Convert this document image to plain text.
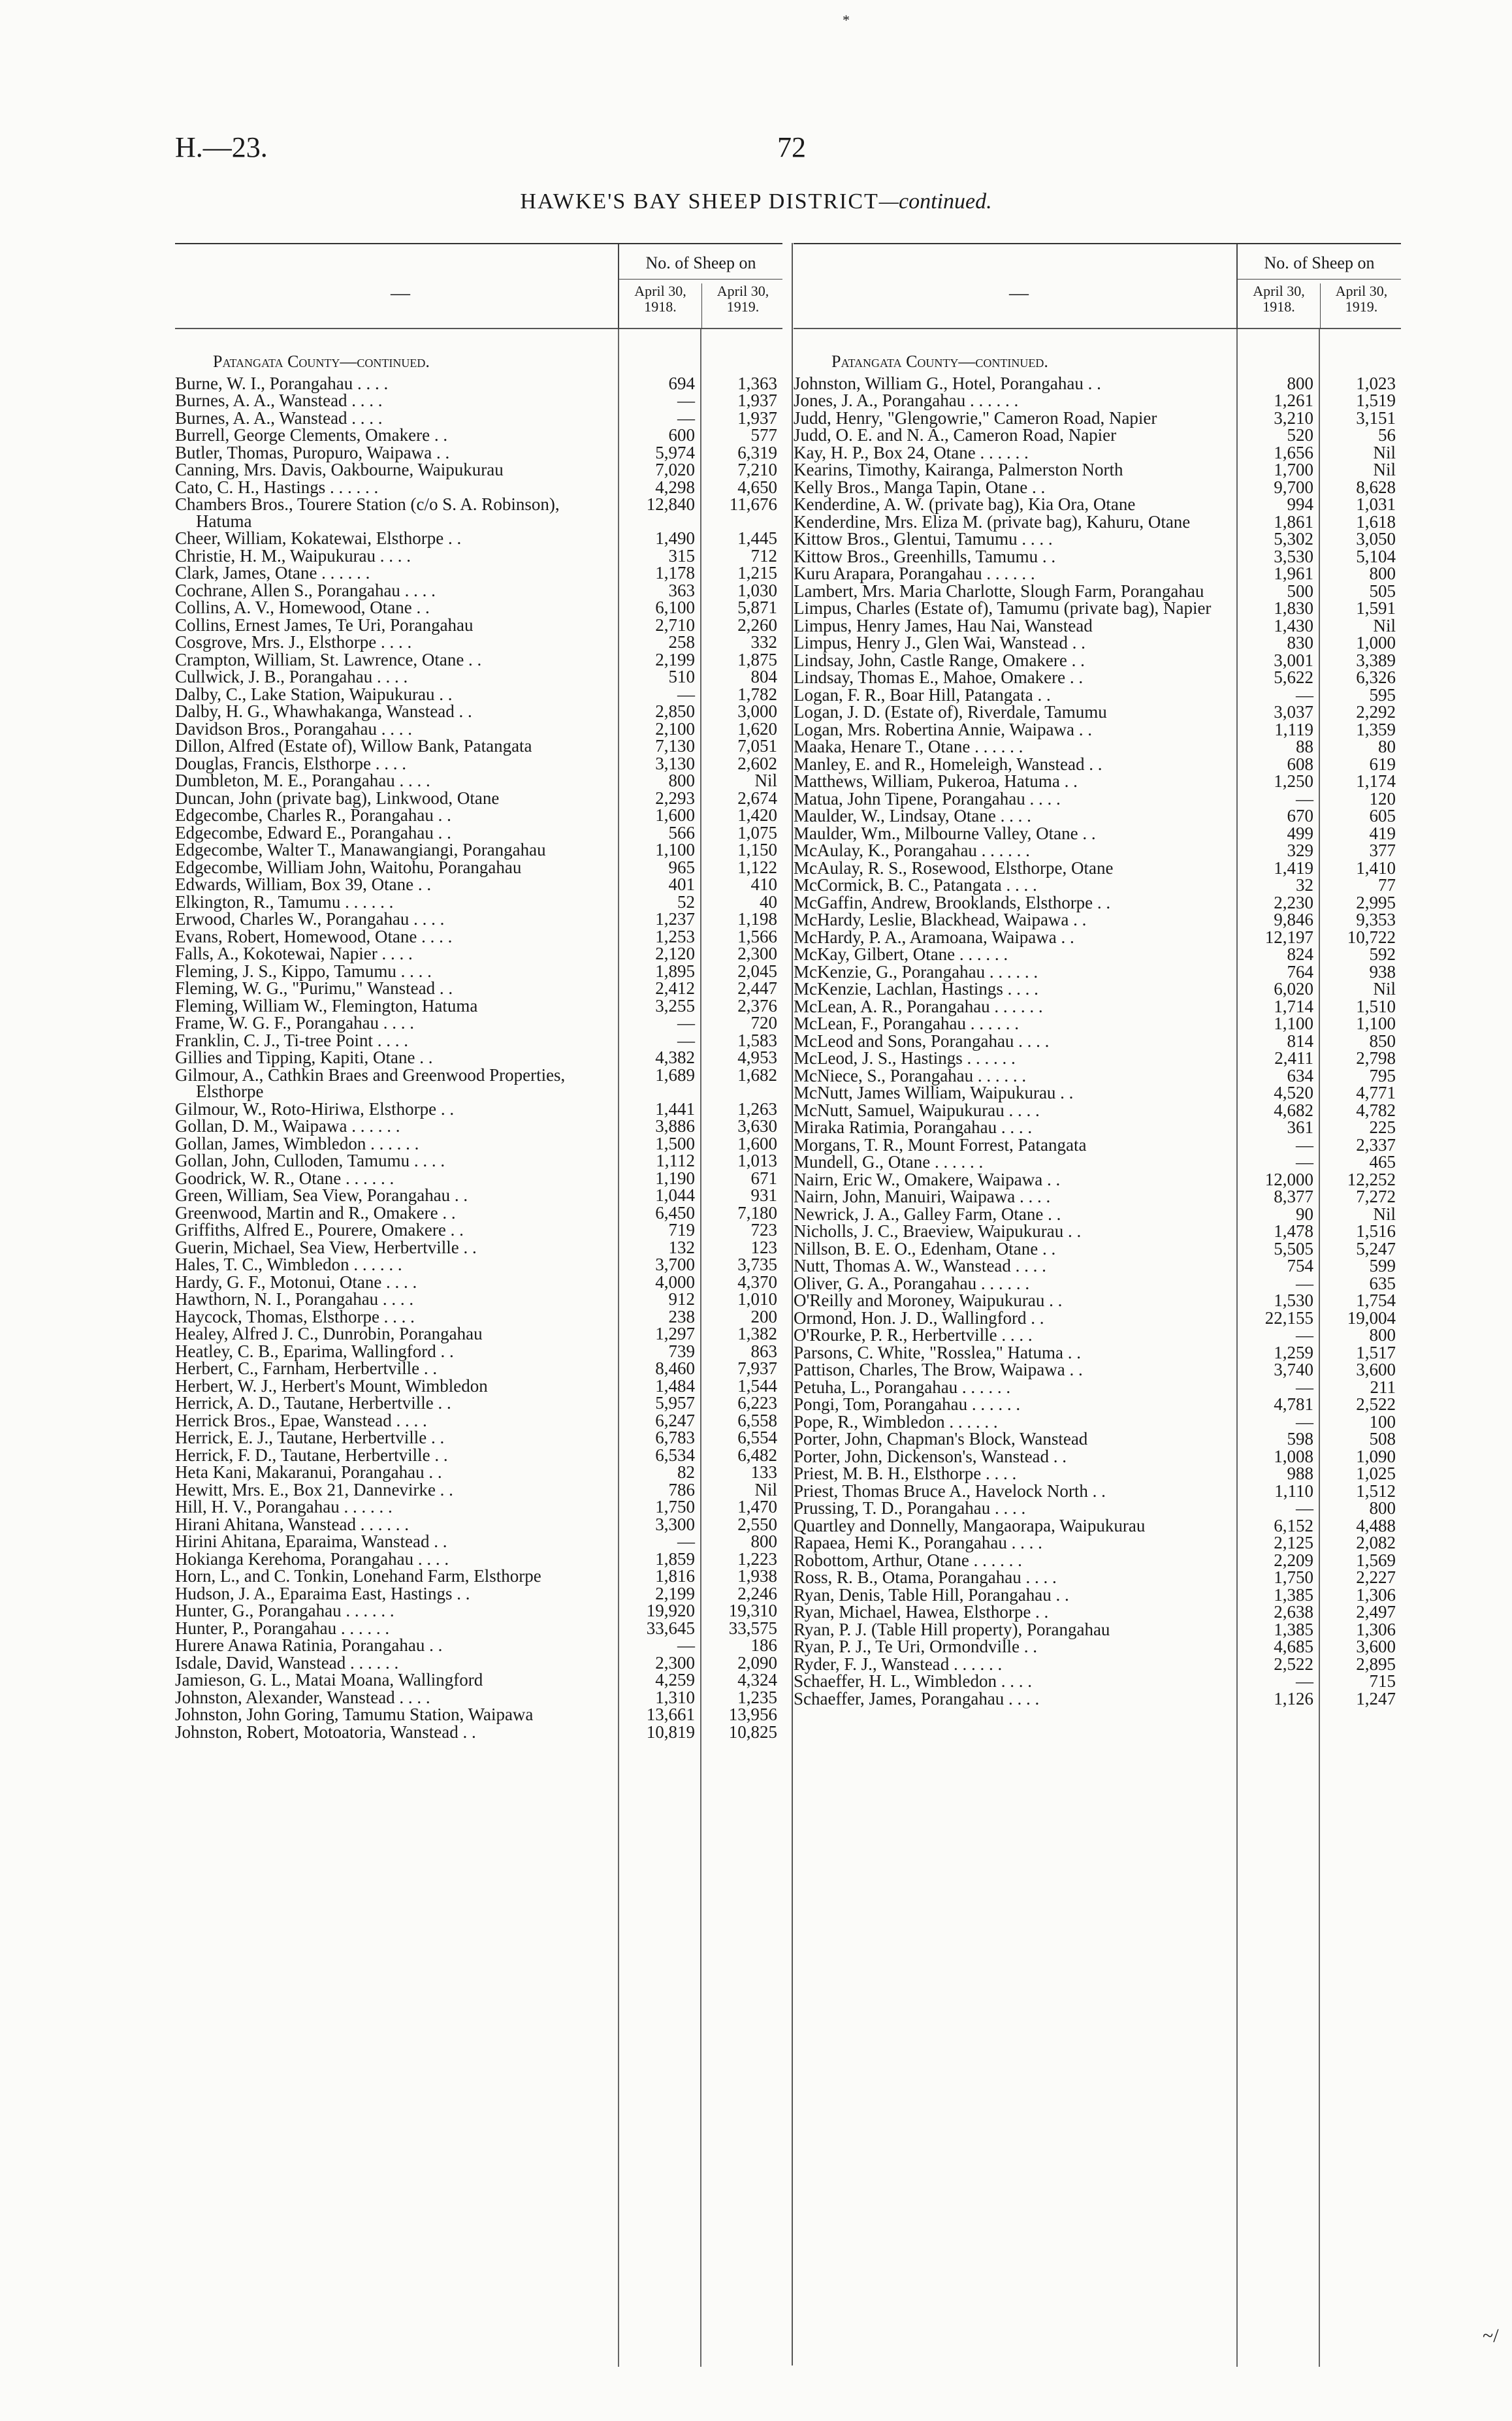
*
H.—23.	72
HAWKE'S BAY SHEEP DISTRICT—continued.
—
No. of Sheep on
April 30, 1918.
April 30, 1919.
Patangata County—continued.
Burne, W. I., Porangahau . . . .	694	1,363
Burnes, A. A., Wanstead . . . .	—	1,937
Burnes, A. A., Wanstead . . . .	—	1,937
Burrell, George Clements, Omakere . .	600	577
Butler, Thomas, Puropuro, Waipawa . .	5,974	6,319
Canning, Mrs. Davis, Oakbourne, Waipukurau	7,020	7,210
Cato, C. H., Hastings . . . . . .	4,298	4,650
Chambers Bros., Tourere Station (c/o S. A. Robinson), Hatuma
12,840	11,676
Cheer, William, Kokatewai, Elsthorpe . .	1,490	1,445
Christie, H. M., Waipukurau . . . .	315	712
Clark, James, Otane . . . . . .	1,178	1,215
Cochrane, Allen S., Porangahau . . . .	363	1,030
Collins, A. V., Homewood, Otane . .	6,100	5,871
Collins, Ernest James, Te Uri, Porangahau	2,710	2,260
Cosgrove, Mrs. J., Elsthorpe . . . .	258	332
Crampton, William, St. Lawrence, Otane . .	2,199	1,875
Cullwick, J. B., Porangahau . . . .	510	804
Dalby, C., Lake Station, Waipukurau . .	—	1,782
Dalby, H. G., Whawhakanga, Wanstead . .	2,850	3,000
Davidson Bros., Porangahau . . . .	2,100	1,620
Dillon, Alfred (Estate of), Willow Bank, Patangata	7,130	7,051
Douglas, Francis, Elsthorpe . . . .	3,130	2,602
Dumbleton, M. E., Porangahau . . . .	800	Nil
Duncan, John (private bag), Linkwood, Otane	2,293	2,674
Edgecombe, Charles R., Porangahau . .	1,600	1,420
Edgecombe, Edward E., Porangahau . .	566	1,075
Edgecombe, Walter T., Manawangiangi, Porangahau	1,100	1,150
Edgecombe, William John, Waitohu, Porangahau	965	1,122
Edwards, William, Box 39, Otane . .	401	410
Elkington, R., Tamumu . . . . . .	52	40
Erwood, Charles W., Porangahau . . . .	1,237	1,198
Evans, Robert, Homewood, Otane . . . .	1,253	1,566
Falls, A., Kokotewai, Napier . . . .	2,120	2,300
Fleming, J. S., Kippo, Tamumu . . . .	1,895	2,045
Fleming, W. G., "Purimu," Wanstead . .	2,412	2,447
Fleming, William W., Flemington, Hatuma	3,255	2,376
Frame, W. G. F., Porangahau . . . .	—	720
Franklin, C. J., Ti-tree Point . . . .	—	1,583
Gillies and Tipping, Kapiti, Otane . .	4,382	4,953
Gilmour, A., Cathkin Braes and Greenwood Properties, Elsthorpe
1,689	1,682
Gilmour, W., Roto-Hiriwa, Elsthorpe . .	1,441	1,263
Gollan, D. M., Waipawa . . . . . .	3,886	3,630
Gollan, James, Wimbledon . . . . . .	1,500	1,600
Gollan, John, Culloden, Tamumu . . . .	1,112	1,013
Goodrick, W. R., Otane . . . . . .	1,190	671
Green, William, Sea View, Porangahau . .	1,044	931
Greenwood, Martin and R., Omakere . .	6,450	7,180
Griffiths, Alfred E., Pourere, Omakere . .	719	723
Guerin, Michael, Sea View, Herbertville . .	132	123
Hales, T. C., Wimbledon . . . . . .	3,700	3,735
Hardy, G. F., Motonui, Otane . . . .	4,000	4,370
Hawthorn, N. I., Porangahau . . . .	912	1,010
Haycock, Thomas, Elsthorpe . . . .	238	200
Healey, Alfred J. C., Dunrobin, Porangahau	1,297	1,382
Heatley, C. B., Eparima, Wallingford . .	739	863
Herbert, C., Farnham, Herbertville . .	8,460	7,937
Herbert, W. J., Herbert's Mount, Wimbledon	1,484	1,544
Herrick, A. D., Tautane, Herbertville . .	5,957	6,223
Herrick Bros., Epae, Wanstead . . . .	6,247	6,558
Herrick, E. J., Tautane, Herbertville . .	6,783	6,554
Herrick, F. D., Tautane, Herbertville . .	6,534	6,482
Heta Kani, Makaranui, Porangahau . .	82	133
Hewitt, Mrs. E., Box 21, Dannevirke . .	786	Nil
Hill, H. V., Porangahau . . . . . .	1,750	1,470
Hirani Ahitana, Wanstead . . . . . .	3,300	2,550
Hirini Ahitana, Eparaima, Wanstead . .	—	800
Hokianga Kerehoma, Porangahau . . . .	1,859	1,223
Horn, L., and C. Tonkin, Lonehand Farm, Elsthorpe	1,816	1,938
Hudson, J. A., Eparaima East, Hastings . .	2,199	2,246
Hunter, G., Porangahau . . . . . .	19,920	19,310
Hunter, P., Porangahau . . . . . .	33,645	33,575
Hurere Anawa Ratinia, Porangahau . .	—	186
Isdale, David, Wanstead . . . . . .	2,300	2,090
Jamieson, G. L., Matai Moana, Wallingford	4,259	4,324
Johnston, Alexander, Wanstead . . . .	1,310	1,235
Johnston, John Goring, Tamumu Station, Waipawa	13,661	13,956
Johnston, Robert, Motoatoria, Wanstead . .	10,819	10,825
—
No. of Sheep on
April 30, 1918.
April 30, 1919.
Patangata County—continued.
Johnston, William G., Hotel, Porangahau . .	800	1,023
Jones, J. A., Porangahau . . . . . .	1,261	1,519
Judd, Henry, "Glengowrie," Cameron Road, Napier	3,210	3,151
Judd, O. E. and N. A., Cameron Road, Napier	520	56
Kay, H. P., Box 24, Otane . . . . . .	1,656	Nil
Kearins, Timothy, Kairanga, Palmerston North	1,700	Nil
Kelly Bros., Manga Tapin, Otane . .	9,700	8,628
Kenderdine, A. W. (private bag), Kia Ora, Otane	994	1,031
Kenderdine, Mrs. Eliza M. (private bag), Kahuru, Otane	1,861	1,618
Kittow Bros., Glentui, Tamumu . . . .	5,302	3,050
Kittow Bros., Greenhills, Tamumu . .	3,530	5,104
Kuru Arapara, Porangahau . . . . . .	1,961	800
Lambert, Mrs. Maria Charlotte, Slough Farm, Porangahau	500	505
Limpus, Charles (Estate of), Tamumu (private bag), Napier	1,830	1,591
Limpus, Henry James, Hau Nai, Wanstead	1,430	Nil
Limpus, Henry J., Glen Wai, Wanstead . .	830	1,000
Lindsay, John, Castle Range, Omakere . .	3,001	3,389
Lindsay, Thomas E., Mahoe, Omakere . .	5,622	6,326
Logan, F. R., Boar Hill, Patangata . .	—	595
Logan, J. D. (Estate of), Riverdale, Tamumu	3,037	2,292
Logan, Mrs. Robertina Annie, Waipawa . .	1,119	1,359
Maaka, Henare T., Otane . . . . . .	88	80
Manley, E. and R., Homeleigh, Wanstead . .	608	619
Matthews, William, Pukeroa, Hatuma . .	1,250	1,174
Matua, John Tipene, Porangahau . . . .	—	120
Maulder, W., Lindsay, Otane . . . .	670	605
Maulder, Wm., Milbourne Valley, Otane . .	499	419
McAulay, K., Porangahau . . . . . .	329	377
McAulay, R. S., Rosewood, Elsthorpe, Otane	1,419	1,410
McCormick, B. C., Patangata . . . .	32	77
McGaffin, Andrew, Brooklands, Elsthorpe . .	2,230	2,995
McHardy, Leslie, Blackhead, Waipawa . .	9,846	9,353
McHardy, P. A., Aramoana, Waipawa . .	12,197	10,722
McKay, Gilbert, Otane . . . . . .	824	592
McKenzie, G., Porangahau . . . . . .	764	938
McKenzie, Lachlan, Hastings . . . .	6,020	Nil
McLean, A. R., Porangahau . . . . . .	1,714	1,510
McLean, F., Porangahau . . . . . .	1,100	1,100
McLeod and Sons, Porangahau . . . .	814	850
McLeod, J. S., Hastings . . . . . .	2,411	2,798
McNiece, S., Porangahau . . . . . .	634	795
McNutt, James William, Waipukurau . .	4,520	4,771
McNutt, Samuel, Waipukurau . . . .	4,682	4,782
Miraka Ratimia, Porangahau . . . .	361	225
Morgans, T. R., Mount Forrest, Patangata	—	2,337
Mundell, G., Otane . . . . . .	—	465
Nairn, Eric W., Omakere, Waipawa . .	12,000	12,252
Nairn, John, Manuiri, Waipawa . . . .	8,377	7,272
Newrick, J. A., Galley Farm, Otane . .	90	Nil
Nicholls, J. C., Braeview, Waipukurau . .	1,478	1,516
Nillson, B. E. O., Edenham, Otane . .	5,505	5,247
Nutt, Thomas A. W., Wanstead . . . .	754	599
Oliver, G. A., Porangahau . . . . . .	—	635
O'Reilly and Moroney, Waipukurau . .	1,530	1,754
Ormond, Hon. J. D., Wallingford . .	22,155	19,004
O'Rourke, P. R., Herbertville . . . .	—	800
Parsons, C. White, "Rosslea," Hatuma . .	1,259	1,517
Pattison, Charles, The Brow, Waipawa . .	3,740	3,600
Petuha, L., Porangahau . . . . . .	—	211
Pongi, Tom, Porangahau . . . . . .	4,781	2,522
Pope, R., Wimbledon . . . . . .	—	100
Porter, John, Chapman's Block, Wanstead	598	508
Porter, John, Dickenson's, Wanstead . .	1,008	1,090
Priest, M. B. H., Elsthorpe . . . .	988	1,025
Priest, Thomas Bruce A., Havelock North . .	1,110	1,512
Prussing, T. D., Porangahau . . . .	—	800
Quartley and Donnelly, Mangaorapa, Waipukurau	6,152	4,488
Rapaea, Hemi K., Porangahau . . . .	2,125	2,082
Robottom, Arthur, Otane . . . . . .	2,209	1,569
Ross, R. B., Otama, Porangahau . . . .	1,750	2,227
Ryan, Denis, Table Hill, Porangahau . .	1,385	1,306
Ryan, Michael, Hawea, Elsthorpe . .	2,638	2,497
Ryan, P. J. (Table Hill property), Porangahau	1,385	1,306
Ryan, P. J., Te Uri, Ormondville . .	4,685	3,600
Ryder, F. J., Wanstead . . . . . .	2,522	2,895
Schaeffer, H. L., Wimbledon . . . .	—	715
Schaeffer, James, Porangahau . . . .	1,126	1,247
~/
